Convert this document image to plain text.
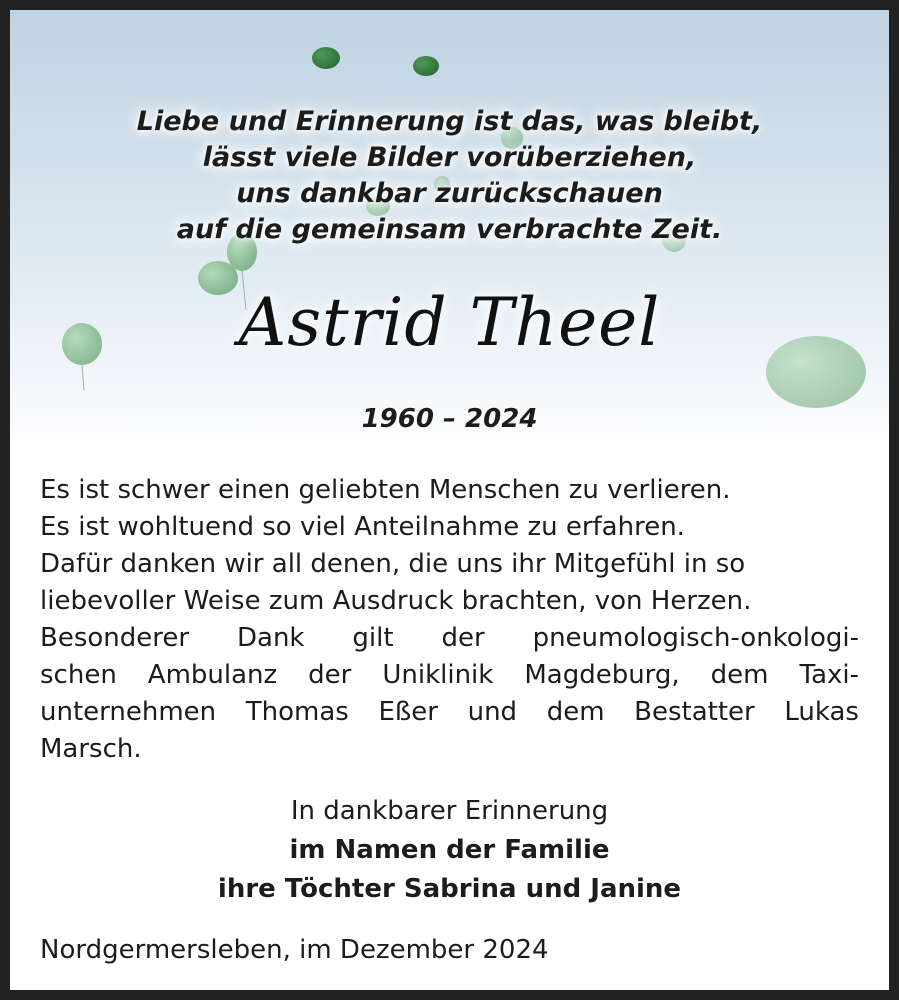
Liebe und Erinnerung ist das, was bleibt,
lässt viele Bilder vorüberziehen,
uns dankbar zurückschauen
auf die gemeinsam verbrachte Zeit.
Astrid Theel
1960 – 2024
Es ist schwer einen geliebten Menschen zu verlieren.
Es ist wohltuend so viel Anteilnahme zu erfahren.
Dafür danken wir all denen, die uns ihr Mitgefühl in so
liebevoller Weise zum Ausdruck brachten, von Herzen.
Besonderer Dank gilt der pneumologisch-onkologi-
schen Ambulanz der Uniklinik Magdeburg, dem Taxi-
unternehmen Thomas Eßer und dem Bestatter Lukas
Marsch.
In dankbarer Erinnerung
im Namen der Familie
ihre Töchter Sabrina und Janine
Nordgermersleben, im Dezember 2024
